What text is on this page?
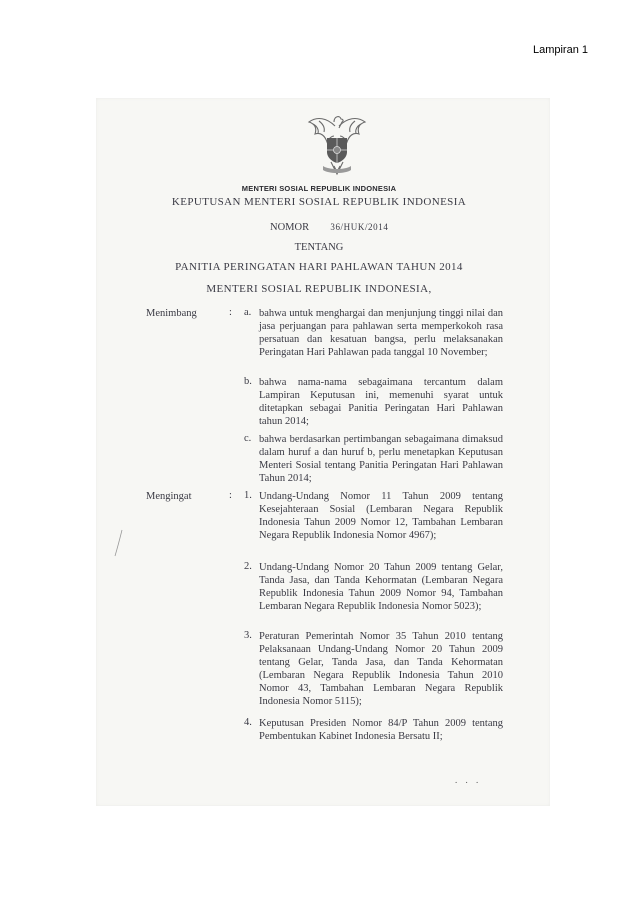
Lampiran 1
MENTERI SOSIAL REPUBLIK INDONESIA
KEPUTUSAN MENTERI SOSIAL REPUBLIK INDONESIA
NOMOR 36/HUK/2014
TENTANG
PANITIA PERINGATAN HARI PAHLAWAN TAHUN 2014
MENTERI SOSIAL REPUBLIK INDONESIA,
Menimbang	: a. bahwa untuk menghargai dan menjunjung tinggi nilai dan jasa perjuangan para pahlawan serta memperkokoh rasa persatuan dan kesatuan bangsa, perlu melaksanakan Peringatan Hari Pahlawan pada tanggal 10 November;
b. bahwa nama-nama sebagaimana tercantum dalam Lampiran Keputusan ini, memenuhi syarat untuk ditetapkan sebagai Panitia Peringatan Hari Pahlawan tahun 2014;
c. bahwa berdasarkan pertimbangan sebagaimana dimaksud dalam huruf a dan huruf b, perlu menetapkan Keputusan Menteri Sosial tentang Panitia Peringatan Hari Pahlawan Tahun 2014;
Mengingat	: 1. Undang-Undang Nomor 11 Tahun 2009 tentang Kesejahteraan Sosial (Lembaran Negara Republik Indonesia Tahun 2009 Nomor 12, Tambahan Lembaran Negara Republik Indonesia Nomor 4967);
2. Undang-Undang Nomor 20 Tahun 2009 tentang Gelar, Tanda Jasa, dan Tanda Kehormatan (Lembaran Negara Republik Indonesia Tahun 2009 Nomor 94, Tambahan Lembaran Negara Republik Indonesia Nomor 5023);
3. Peraturan Pemerintah Nomor 35 Tahun 2010 tentang Pelaksanaan Undang-Undang Nomor 20 Tahun 2009 tentang Gelar, Tanda Jasa, dan Tanda Kehormatan (Lembaran Negara Republik Indonesia Tahun 2010 Nomor 43, Tambahan Lembaran Negara Republik Indonesia Nomor 5115);
4. Keputusan Presiden Nomor 84/P Tahun 2009 tentang Pembentukan Kabinet Indonesia Bersatu II;
. . .
